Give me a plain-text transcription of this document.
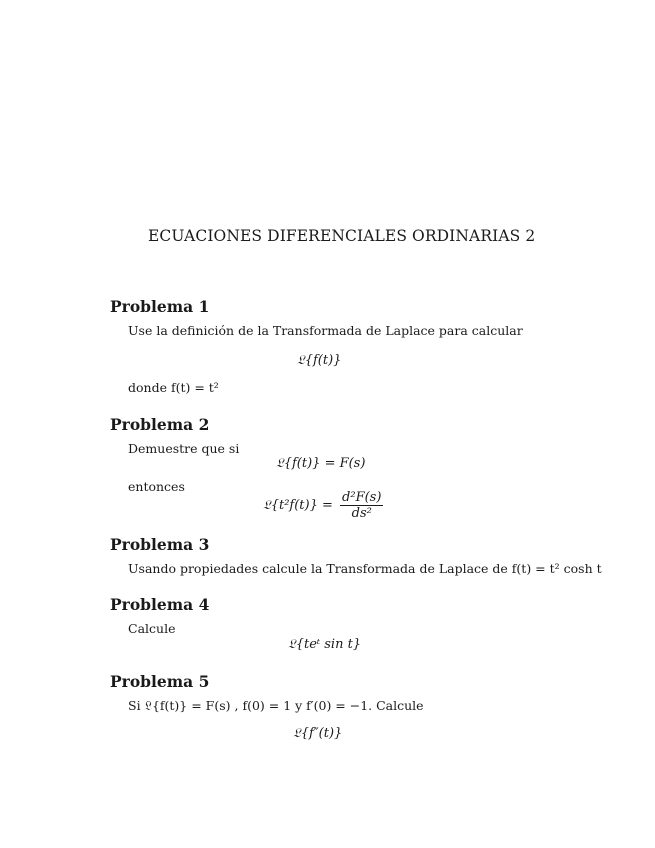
ECUACIONES DIFERENCIALES ORDINARIAS 2
Problema 1
Use la definición de la Transformada de Laplace para calcular
𝔏{f(t)}
donde f(t) = t²
Problema 2
Demuestre que si
𝔏{f(t)} = F(s)
entonces
𝔏{t²f(t)} = $\frac{\text{d²F(s)}}{\text{ds²}}$
Problema 3
Usando propiedades calcule la Transformada de Laplace de f(t) = t² cosh t
Problema 4
Calcule
𝔏{teᵗ sin t}
Problema 5
Si 𝔏{f(t)} = F(s) , f(0) = 1 y f′(0) = −1. Calcule
𝔏{f″(t)}
